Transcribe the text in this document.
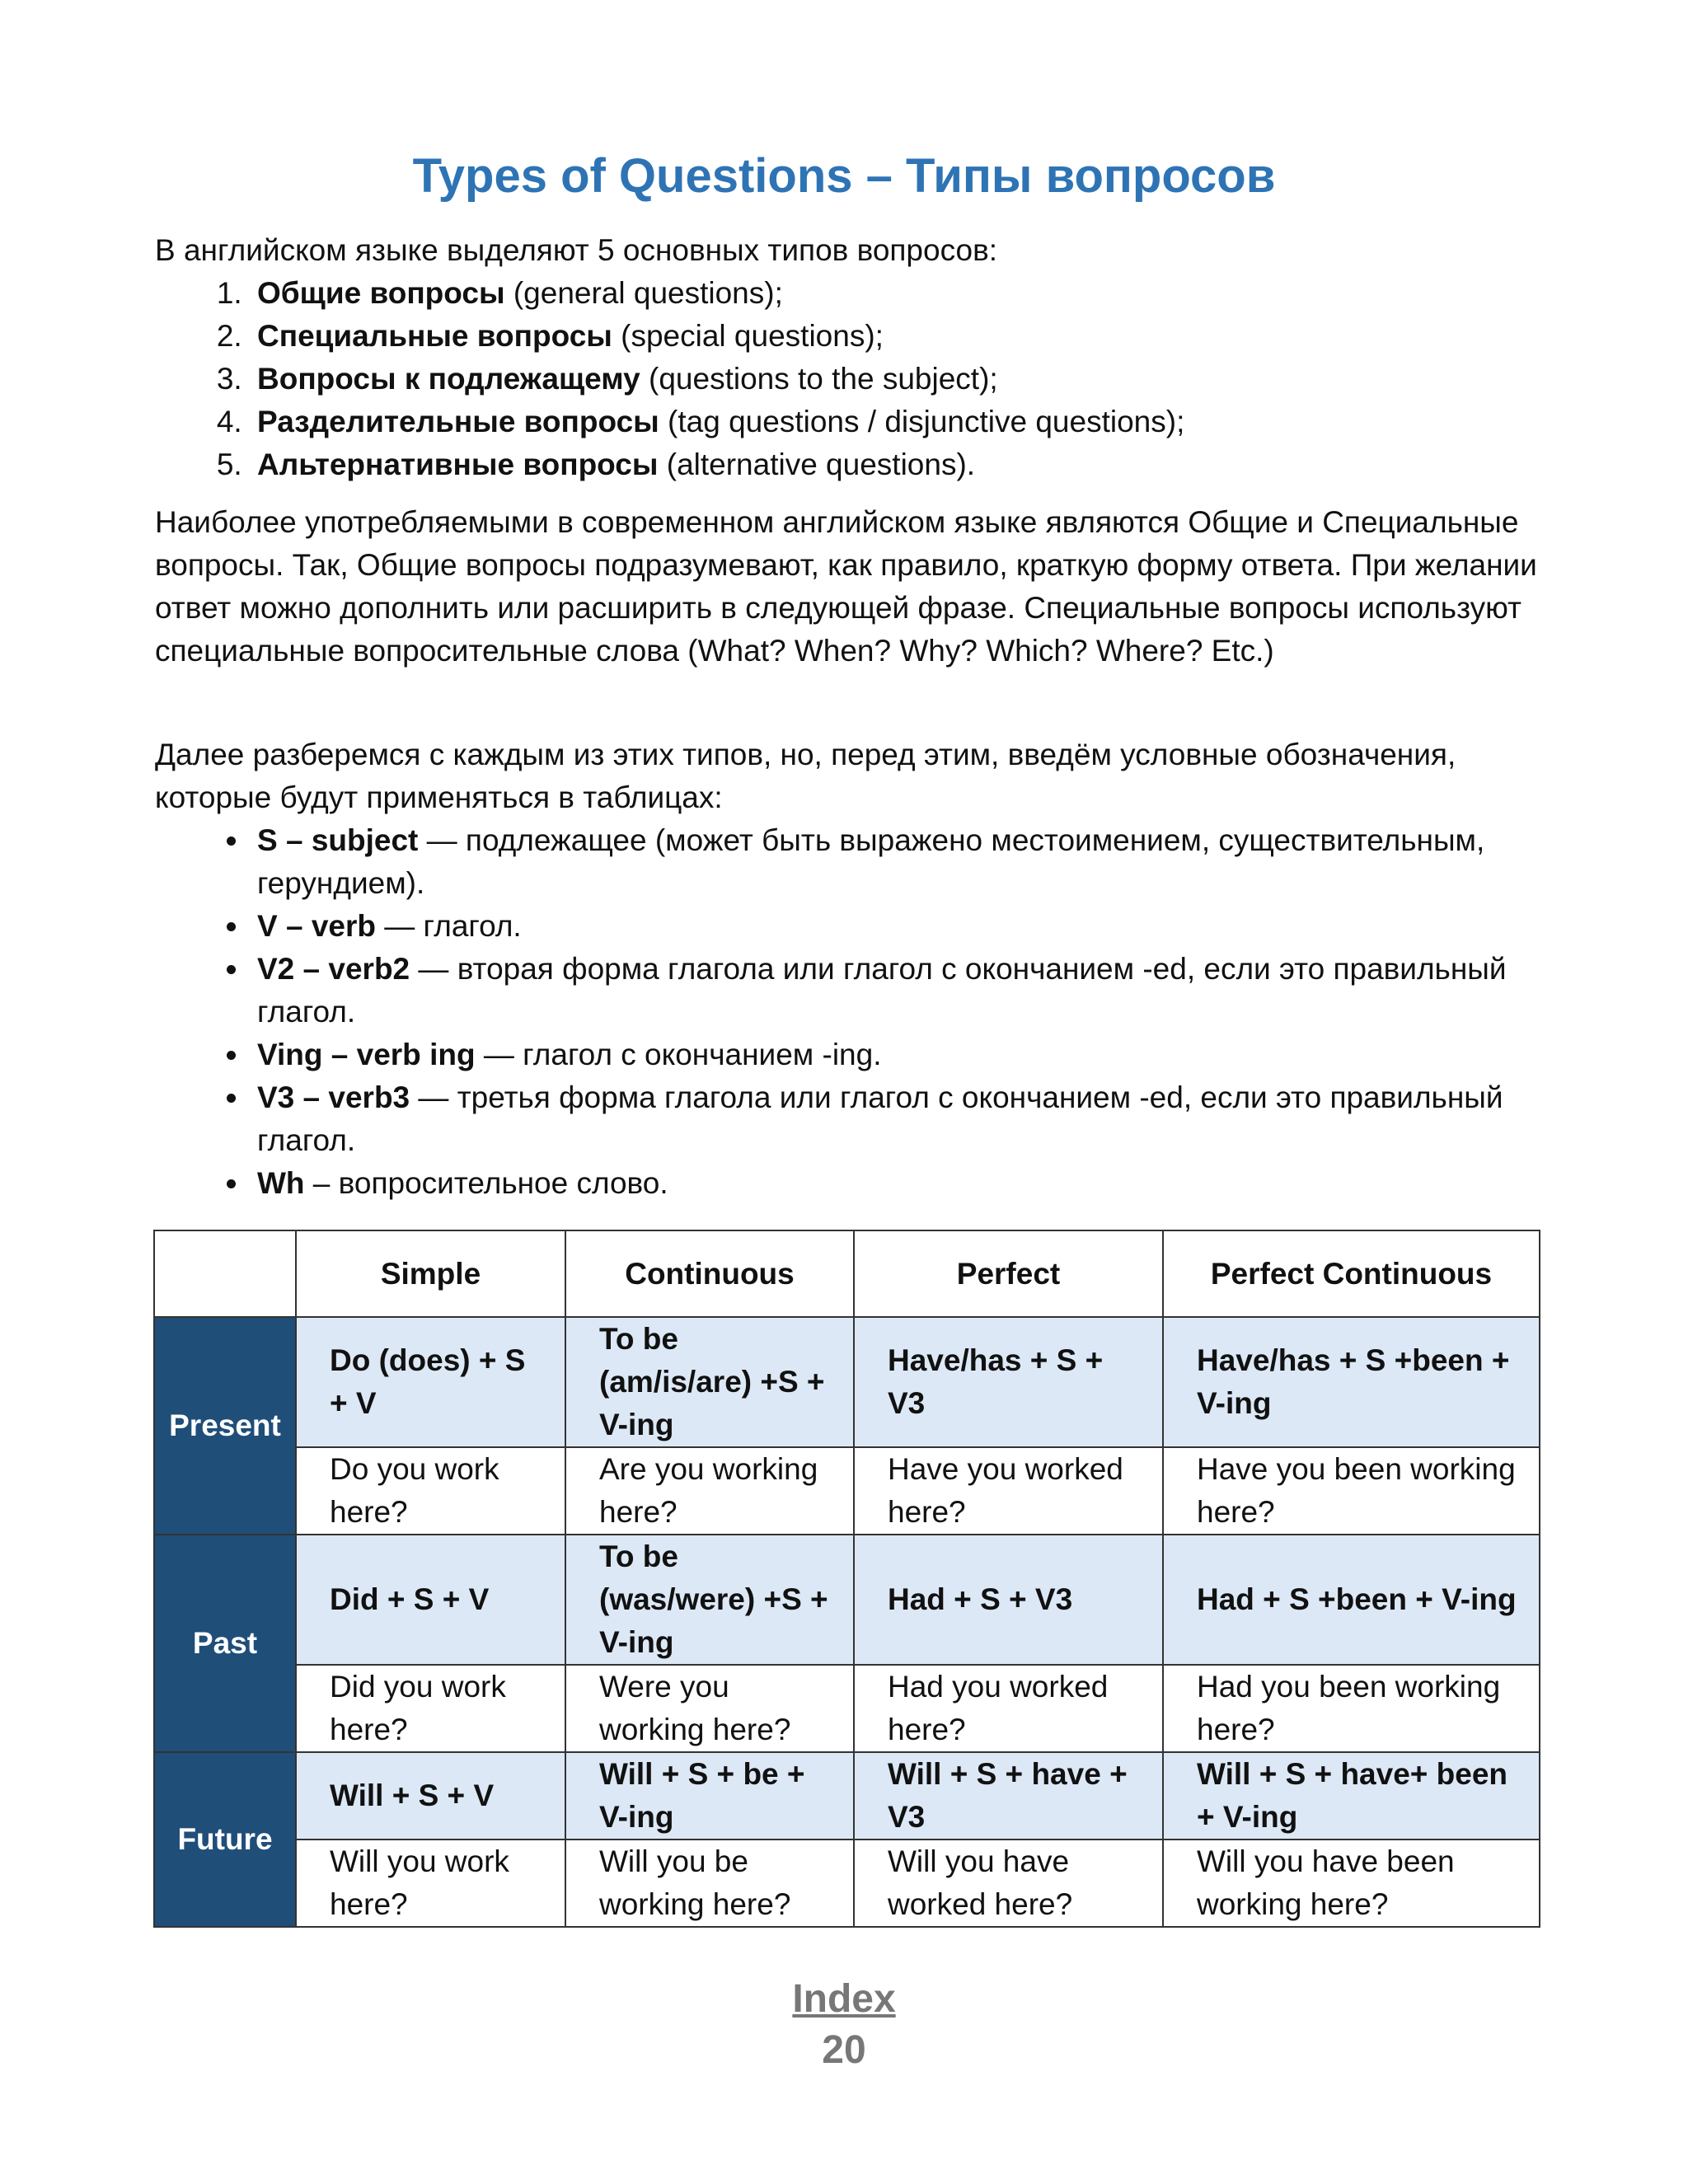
Types of Questions – Типы вопросов
В английском языке выделяют 5 основных типов вопросов:
1. Общие вопросы (general questions);
2. Специальные вопросы (special questions);
3. Вопросы к подлежащему (questions to the subject);
4. Разделительные вопросы (tag questions / disjunctive questions);
5. Альтернативные вопросы (alternative questions).
Наиболее употребляемыми в современном английском языке являются Общие и Специальные вопросы. Так, Общие вопросы подразумевают, как правило, краткую форму ответа. При желании ответ можно дополнить или расширить в следующей фразе. Специальные вопросы используют специальные вопросительные слова (What? When? Why? Which? Where? Etc.)
Далее разберемся с каждым из этих типов, но, перед этим, введём условные обозначения, которые будут применяться в таблицах:
• S – subject — подлежащее (может быть выражено местоимением, существительным, герундием).
• V – verb — глагол.
• V2 – verb2 — вторая форма глагола или глагол с окончанием -ed, если это правильный глагол.
• Ving – verb ing — глагол с окончанием -ing.
• V3 – verb3 — третья форма глагола или глагол с окончанием -ed, если это правильный глагол.
• Wh – вопросительное слово.
	Simple	Continuous	Perfect	Perfect Continuous
Present	Do (does) + S + V	To be (am/is/are) +S + V-ing	Have/has + S + V3	Have/has + S +been + V-ing
	Do you work here?	Are you working here?	Have you worked here?	Have you been working here?
Past	Did + S + V	To be (was/were) +S + V-ing	Had + S + V3	Had + S +been + V-ing
	Did you work here?	Were you working here?	Had you worked here?	Had you been working here?
Future	Will + S + V	Will + S + be + V-ing	Will + S + have + V3	Will + S + have+ been + V-ing
	Will you work here?	Will you be working here?	Will you have worked here?	Will you have been working here?
Index
20
